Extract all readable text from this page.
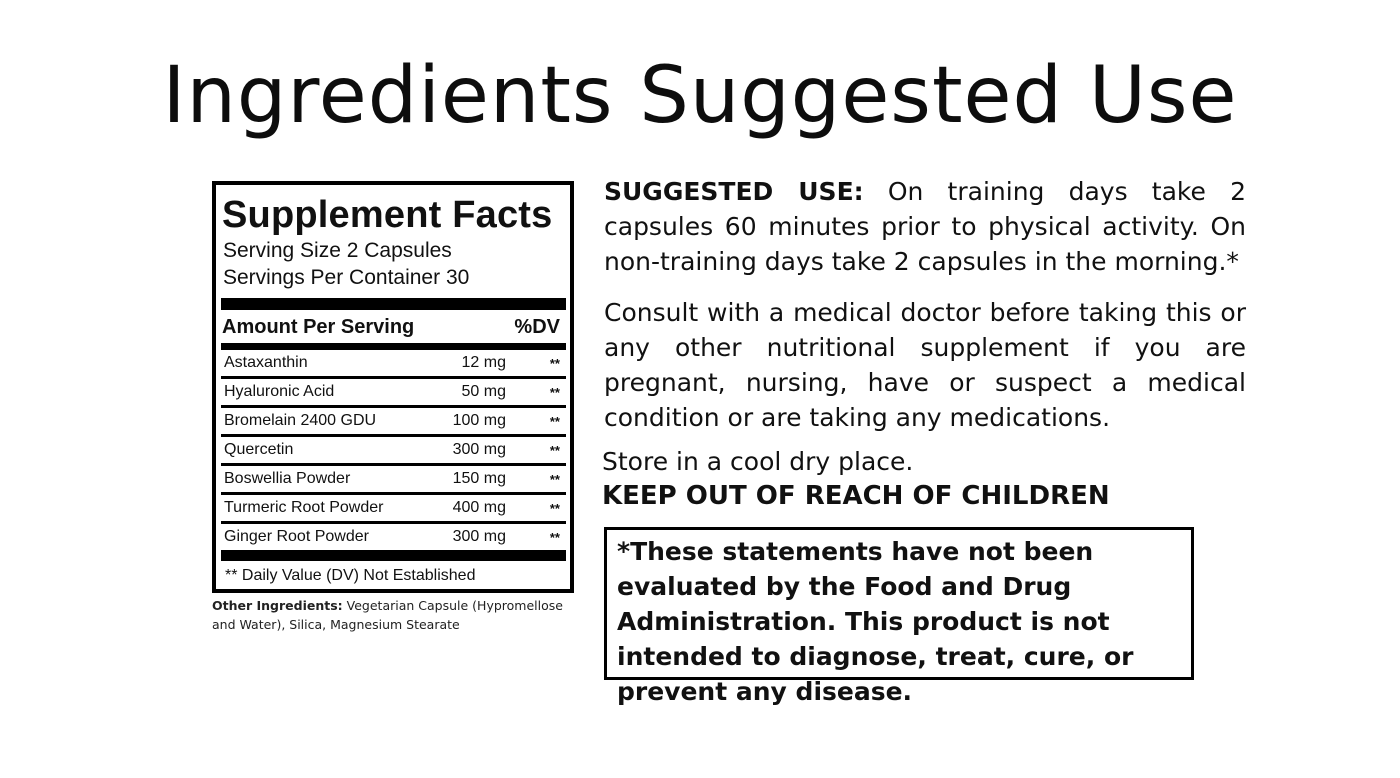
Ingredients Suggested Use
Supplement Facts
Serving Size 2 Capsules
Servings Per Container 30
Amount Per Serving	%DV
Astaxanthin	12 mg	**
Hyaluronic Acid	50 mg	**
Bromelain 2400 GDU	100 mg	**
Quercetin	300 mg	**
Boswellia Powder	150 mg	**
Turmeric Root Powder	400 mg	**
Ginger Root Powder	300 mg	**
** Daily Value (DV) Not Established
Other Ingredients: Vegetarian Capsule (Hypromellose and Water), Silica, Magnesium Stearate

SUGGESTED USE: On training days take 2 capsules 60 minutes prior to physical activity. On non-training days take 2 capsules in the morning.*

Consult with a medical doctor before taking this or any other nutritional supplement if you are pregnant, nursing, have or suspect a medical condition or are taking any medications.

Store in a cool dry place.
KEEP OUT OF REACH OF CHILDREN
*These statements have not been evaluated by the Food and Drug Administration. This product is not intended to diagnose, treat, cure, or prevent any disease.
